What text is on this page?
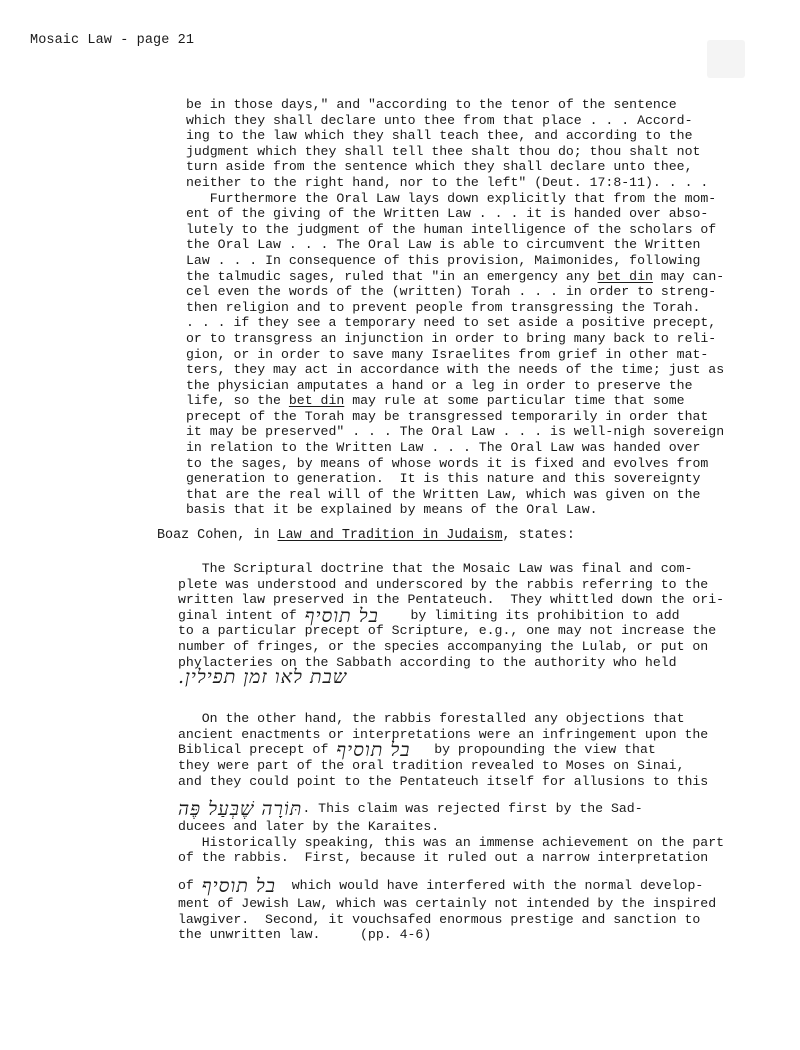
Mosaic Law - page 21
be in those days," and "according to the tenor of the sentence
which they shall declare unto thee from that place . . . Accord-
ing to the law which they shall teach thee, and according to the
judgment which they shall tell thee shalt thou do; thou shalt not
turn aside from the sentence which they shall declare unto thee,
neither to the right hand, nor to the left" (Deut. 17:8-11). . . .
Furthermore the Oral Law lays down explicitly that from the mom-
ent of the giving of the Written Law . . . it is handed over abso-
lutely to the judgment of the human intelligence of the scholars of
the Oral Law . . . The Oral Law is able to circumvent the Written
Law . . . In consequence of this provision, Maimonides, following
the talmudic sages, ruled that "in an emergency any bet din may can-
cel even the words of the (written) Torah . . . in order to streng-
then religion and to prevent people from transgressing the Torah.
. . . if they see a temporary need to set aside a positive precept,
or to transgress an injunction in order to bring many back to reli-
gion, or in order to save many Israelites from grief in other mat-
ters, they may act in accordance with the needs of the time; just as
the physician amputates a hand or a leg in order to preserve the
life, so the bet din may rule at some particular time that some
precept of the Torah may be transgressed temporarily in order that
it may be preserved" . . . The Oral Law . . . is well-nigh sovereign
in relation to the Written Law . . . The Oral Law was handed over
to the sages, by means of whose words it is fixed and evolves from
generation to generation.  It is this nature and this sovereignty
that are the real will of the Written Law, which was given on the
basis that it be explained by means of the Oral Law.
Boaz Cohen, in Law and Tradition in Judaism, states:
The Scriptural doctrine that the Mosaic Law was final and com-
plete was understood and underscored by the rabbis referring to the
written law preserved in the Pentateuch.  They whittled down the ori-
ginal intent of בל תוסיף    by limiting its prohibition to add
to a particular precept of Scripture, e.g., one may not increase the
number of fringes, or the species accompanying the Lulab, or put on
phylacteries on the Sabbath according to the authority who held
שבת לאו זמן תפילין.
On the other hand, the rabbis forestalled any objections that
ancient enactments or interpretations were an infringement upon the
Biblical precept of בל תוסיף   by propounding the view that
they were part of the oral tradition revealed to Moses on Sinai,
and they could point to the Pentateuch itself for allusions to this
תּוֹרָה שֶׁבְּעַל פֶּה. This claim was rejected first by the Sad-
ducees and later by the Karaites.
Historically speaking, this was an immense achievement on the part
of the rabbis.  First, because it ruled out a narrow interpretation
of בל תוסיף  which would have interfered with the normal develop-
ment of Jewish Law, which was certainly not intended by the inspired
lawgiver.  Second, it vouchsafed enormous prestige and sanction to
the unwritten law.     (pp. 4-6)
